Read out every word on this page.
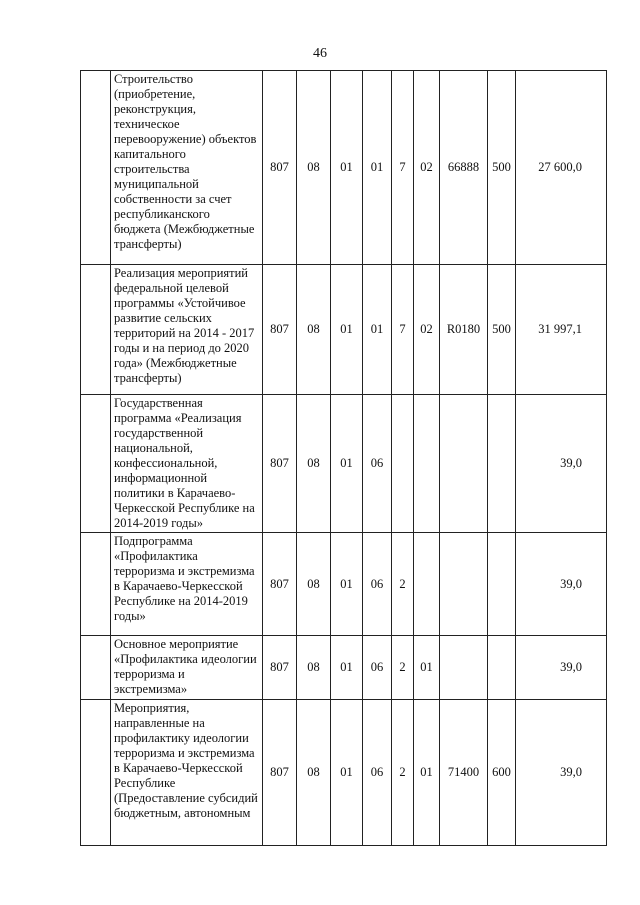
46
	Строительство (приобретение, реконструкция, техническое перевооружение) объектов капитального строительства муниципальной собственности за счет республиканского бюджета (Межбюджетные трансферты)	807	08	01	01	7	02	66888	500	27 600,0
	Реализация мероприятий федеральной целевой программы «Устойчивое развитие сельских территорий на 2014 - 2017 годы и на период до 2020 года» (Межбюджетные трансферты)	807	08	01	01	7	02	R0180	500	31 997,1
	Государственная программа «Реализация государственной национальной, конфессиональной, информационной политики в Карачаево-Черкесской Республике на 2014-2019 годы»	807	08	01	06					39,0
	Подпрограмма «Профилактика терроризма и экстремизма в Карачаево-Черкесской Республике на 2014-2019 годы»	807	08	01	06	2				39,0
	Основное мероприятие «Профилактика идеологии терроризма и экстремизма»	807	08	01	06	2	01			39,0
	Мероприятия, направленные на профилактику идеологии терроризма и экстремизма в Карачаево-Черкесской Республике (Предоставление субсидий бюджетным, автономным	807	08	01	06	2	01	71400	600	39,0
